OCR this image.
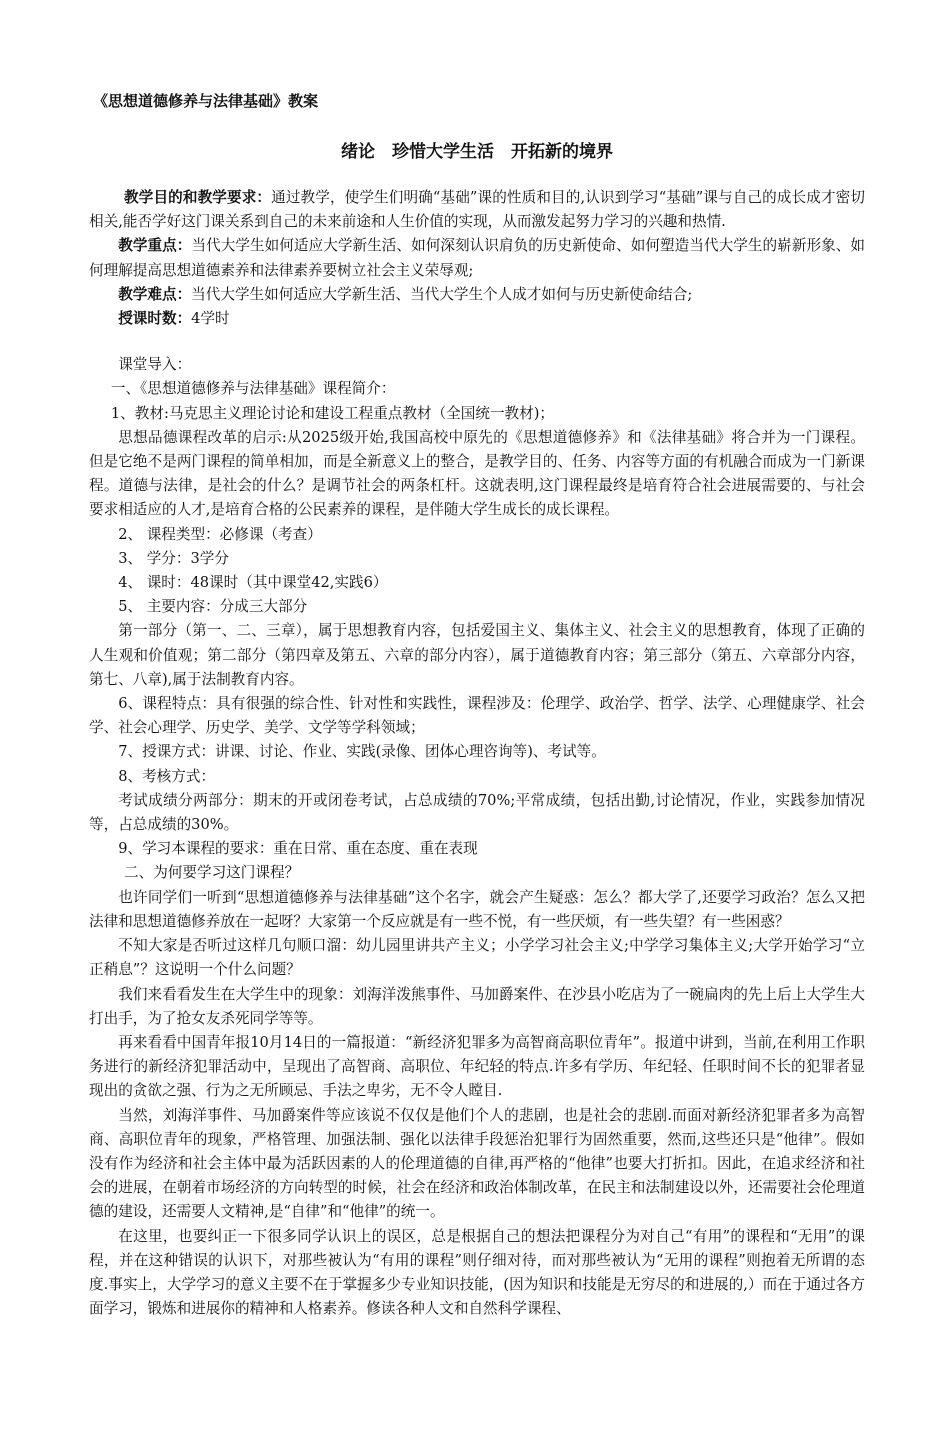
《思想道德修养与法律基础》教案
绪论　珍惜大学生活　开拓新的境界

教学目的和教学要求：通过教学，使学生们明确“基础”课的性质和目的,认识到学习“基础”课与自己的成长成才密切相关,能否学好这门课关系到自己的未来前途和人生价值的实现，从而激发起努力学习的兴趣和热情.

教学重点：当代大学生如何适应大学新生活、如何深刻认识肩负的历史新使命、如何塑造当代大学生的崭新形象、如何理解提高思想道德素养和法律素养要树立社会主义荣辱观;

教学难点：当代大学生如何适应大学新生活、当代大学生个人成才如何与历史新使命结合;

授课时数：4学时

课堂导入：

一、《思想道德修养与法律基础》课程简介：

1、教材:马克思主义理论讨论和建设工程重点教材（全国统一教材)；

思想品德课程改革的启示:从2025级开始,我国高校中原先的《思想道德修养》和《法律基础》将合并为一门课程。但是它绝不是两门课程的简单相加，而是全新意义上的整合，是教学目的、任务、内容等方面的有机融合而成为一门新课程。道德与法律，是社会的什么？是调节社会的两条杠杆。这就表明,这门课程最终是培育符合社会进展需要的、与社会要求相适应的人才,是培育合格的公民素养的课程，是伴随大学生成长的成长课程。

2、 课程类型：必修课（考查）

3、 学分：3学分

4、 课时：48课时（其中课堂42,实践6）

5、 主要内容：分成三大部分

第一部分（第一、二、三章），属于思想教育内容，包括爱国主义、集体主义、社会主义的思想教育，体现了正确的人生观和价值观；第二部分（第四章及第五、六章的部分内容），属于道德教育内容；第三部分（第五、六章部分内容，第七、八章),属于法制教育内容。

6、课程特点：具有很强的综合性、针对性和实践性，课程涉及：伦理学、政治学、哲学、法学、心理健康学、社会学、社会心理学、历史学、美学、文学等学科领域；

7、授课方式：讲课、讨论、作业、实践(录像、团体心理咨询等)、考试等。

8、考核方式：

考试成绩分两部分：期末的开或闭卷考试，占总成绩的70%;平常成绩，包括出勤,讨论情况，作业，实践参加情况等，占总成绩的30%。

9、学习本课程的要求：重在日常、重在态度、重在表现

二、为何要学习这门课程？

也许同学们一听到“思想道德修养与法律基础”这个名字，就会产生疑惑：怎么？都大学了,还要学习政治？怎么又把法律和思想道德修养放在一起呀？大家第一个反应就是有一些不悦，有一些厌烦，有一些失望？有一些困惑？

不知大家是否听过这样几句顺口溜：幼儿园里讲共产主义；小学学习社会主义;中学学习集体主义;大学开始学习“立正稍息”？这说明一个什么问题？

我们来看看发生在大学生中的现象：刘海洋泼熊事件、马加爵案件、在沙县小吃店为了一碗扁肉的先上后上大学生大打出手，为了抢女友杀死同学等等。

再来看看中国青年报10月14日的一篇报道：“新经济犯罪多为高智商高职位青年”。报道中讲到，当前,在利用工作职务进行的新经济犯罪活动中，呈现出了高智商、高职位、年纪轻的特点.许多有学历、年纪轻、任职时间不长的犯罪者显现出的贪欲之强、行为之无所顾忌、手法之卑劣，无不令人瞠目.

当然，刘海洋事件、马加爵案件等应该说不仅仅是他们个人的悲剧，也是社会的悲剧.而面对新经济犯罪者多为高智商、高职位青年的现象，严格管理、加强法制、强化以法律手段惩治犯罪行为固然重要，然而,这些还只是“他律”。假如没有作为经济和社会主体中最为活跃因素的人的伦理道德的自律,再严格的“他律”也要大打折扣。因此，在追求经济和社会的进展，在朝着市场经济的方向转型的时候，社会在经济和政治体制改革，在民主和法制建设以外，还需要社会伦理道德的建设，还需要人文精神,是“自律”和“他律”的统一。

在这里，也要纠正一下很多同学认识上的误区，总是根据自己的想法把课程分为对自己“有用”的课程和“无用”的课程，并在这种错误的认识下，对那些被认为“有用的课程”则仔细对待，而对那些被认为“无用的课程”则抱着无所谓的态度.事实上，大学学习的意义主要不在于掌握多少专业知识技能，(因为知识和技能是无穷尽的和进展的,）而在于通过各方面学习，锻炼和进展你的精神和人格素养。修读各种人文和自然科学课程、
